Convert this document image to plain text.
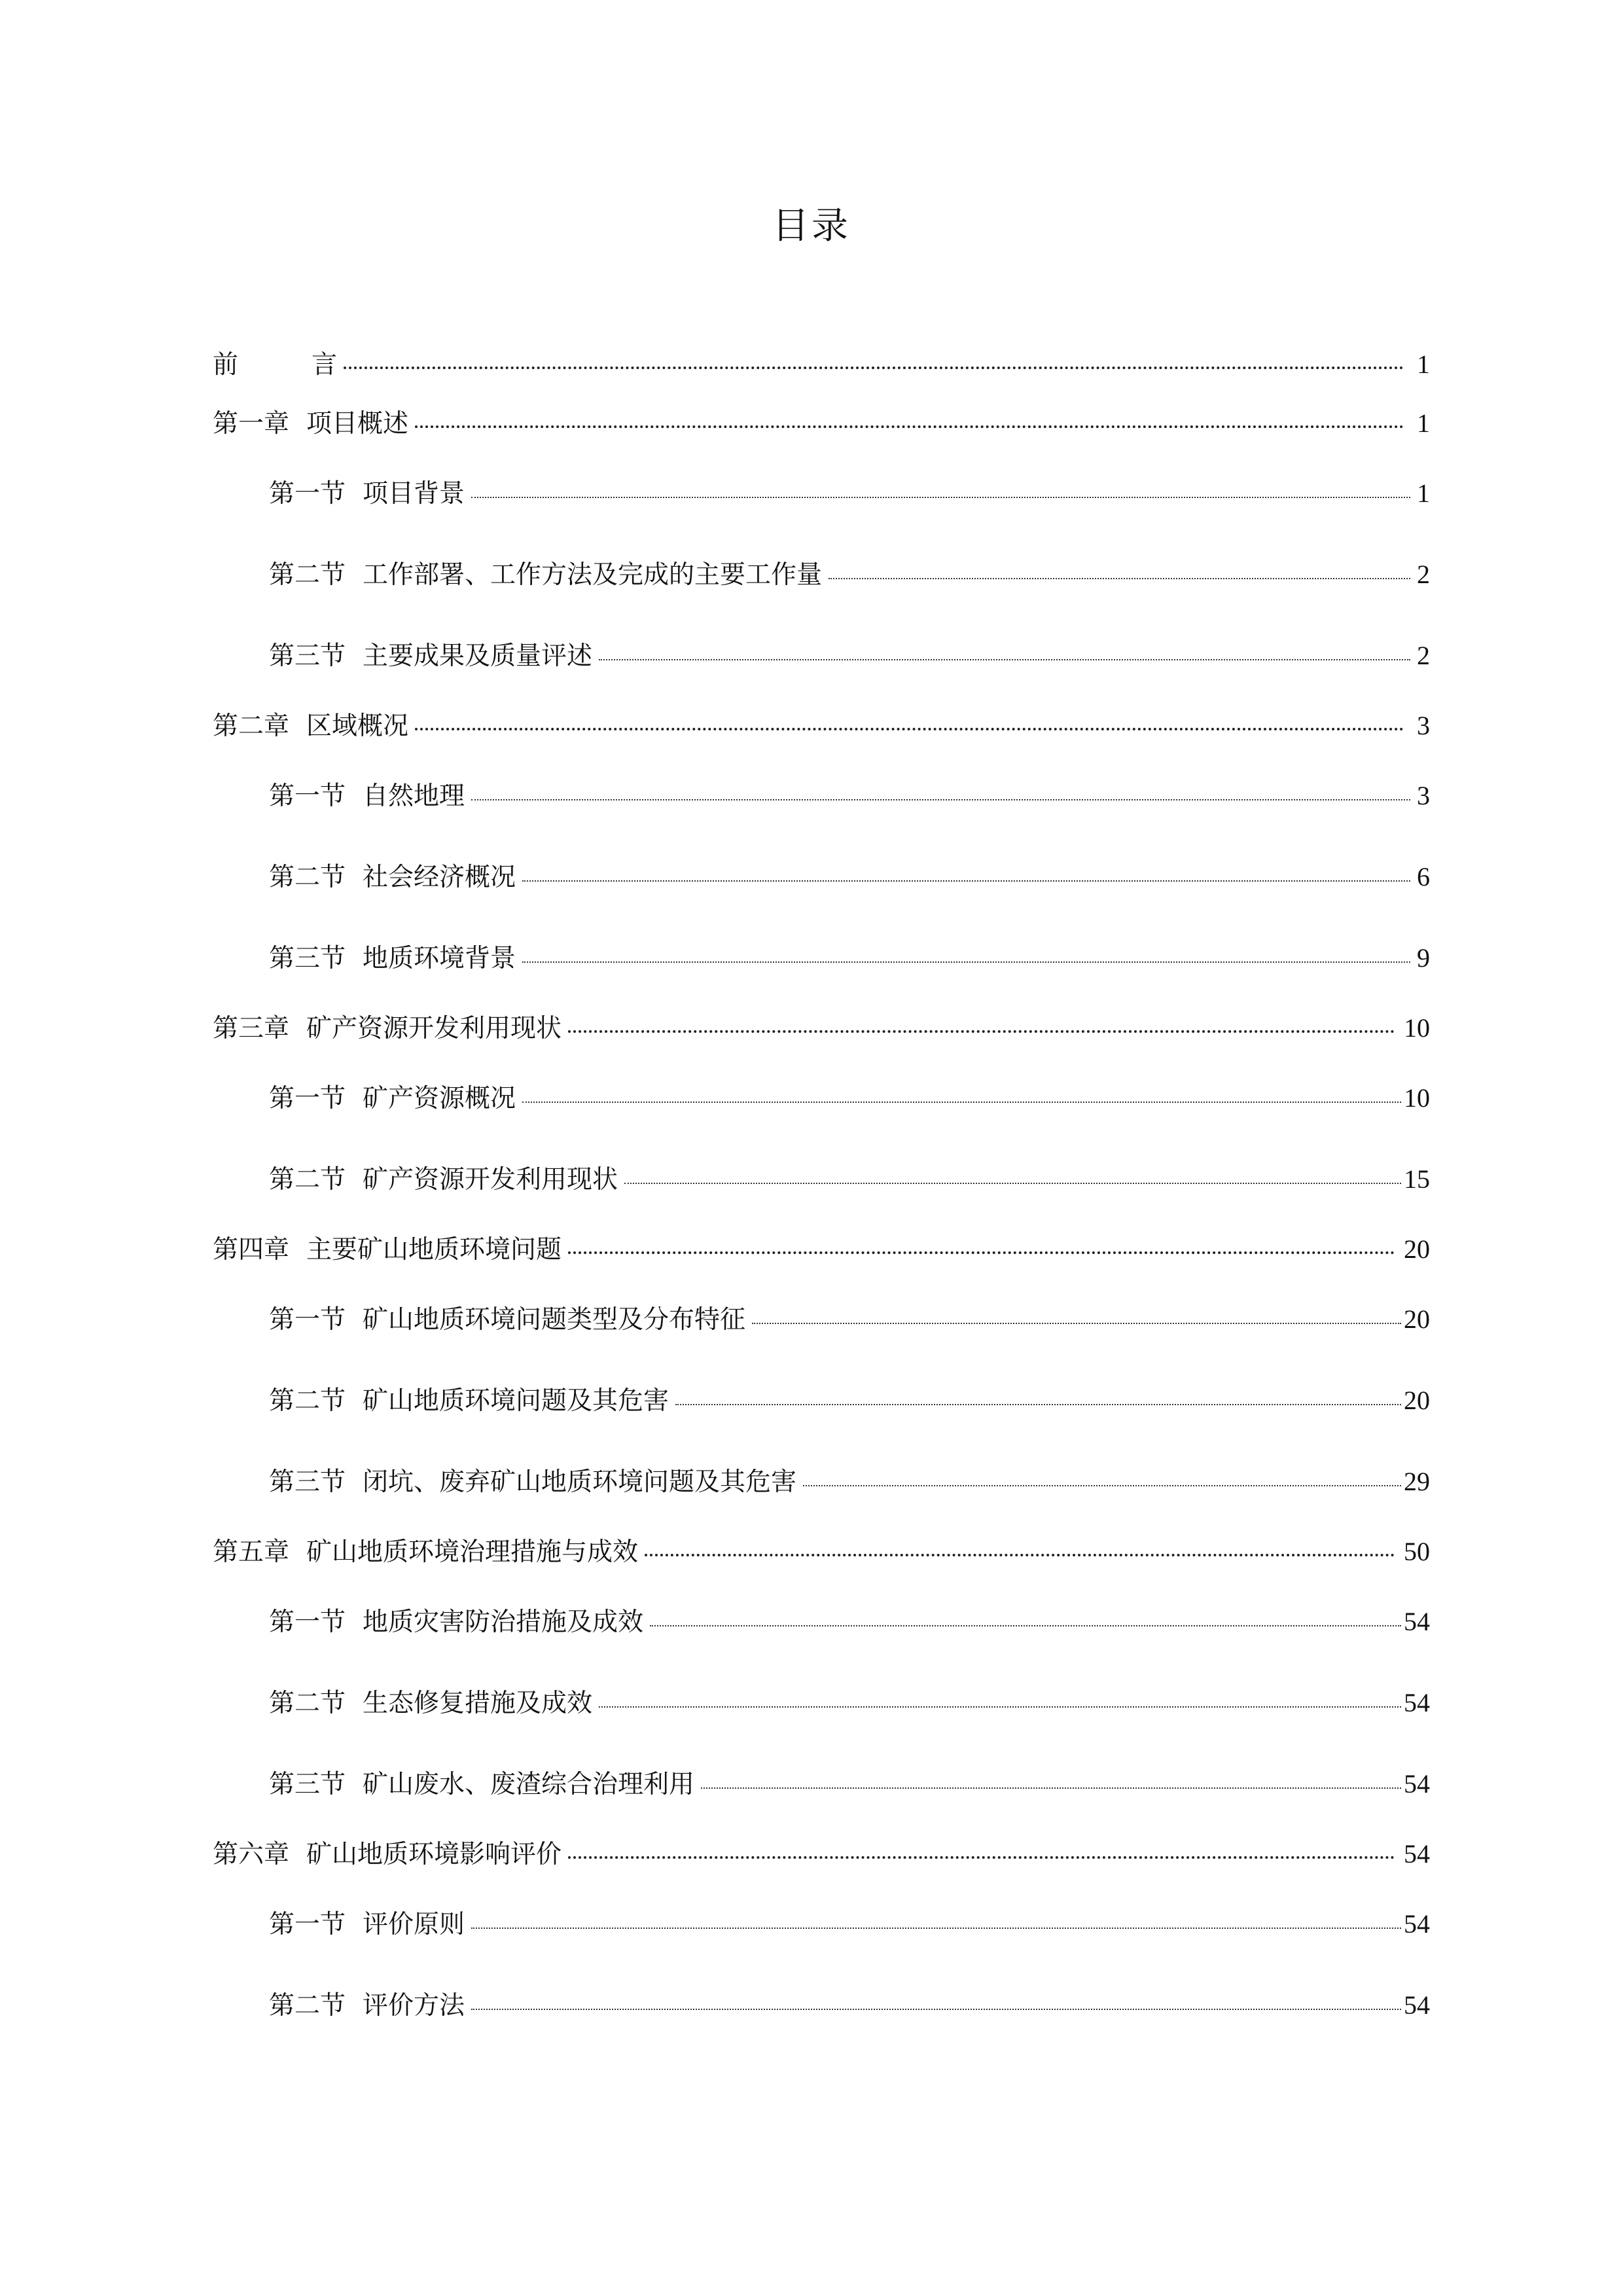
目录
前	言	1
第一章 项目概述	1
第一节 项目背景	1
第二节 工作部署、工作方法及完成的主要工作量	2
第三节 主要成果及质量评述	2
第二章 区域概况	3
第一节 自然地理	3
第二节 社会经济概况	6
第三节 地质环境背景	9
第三章 矿产资源开发利用现状	10
第一节 矿产资源概况	10
第二节 矿产资源开发利用现状	15
第四章 主要矿山地质环境问题	20
第一节 矿山地质环境问题类型及分布特征	20
第二节 矿山地质环境问题及其危害	20
第三节 闭坑、废弃矿山地质环境问题及其危害	29
第五章 矿山地质环境治理措施与成效	50
第一节 地质灾害防治措施及成效	54
第二节 生态修复措施及成效	54
第三节 矿山废水、废渣综合治理利用	54
第六章 矿山地质环境影响评价	54
第一节 评价原则	54
第二节 评价方法	54
